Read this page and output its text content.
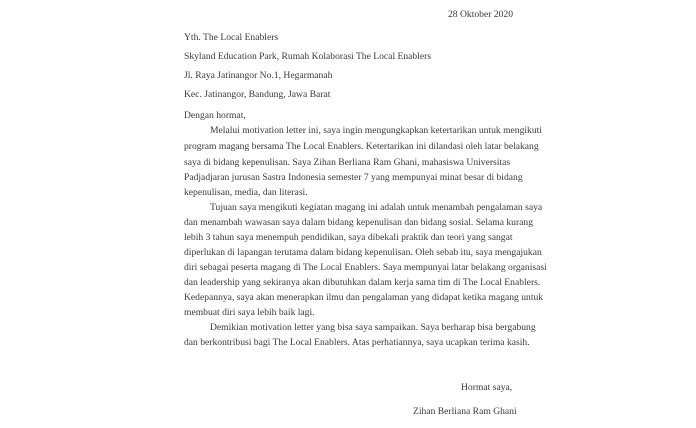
28 Oktober 2020
Yth. The Local Enablers
Skyland Education Park, Rumah Kolaborasi The Local Enablers
Jl. Raya Jatinangor No.1, Hegarmanah
Kec. Jatinangor, Bandung, Jawa Barat
Dengan hormat,
Melalui motivation letter ini, saya ingin mengungkapkan ketertarikan untuk mengikuti
program magang bersama The Local Enablers. Ketertarikan ini dilandasi oleh latar belakang
saya di bidang kepenulisan. Saya Zihan Berliana Ram Ghani, mahasiswa Universitas
Padjadjaran jurusan Sastra Indonesia semester 7 yang mempunyai minat besar di bidang
kepenulisan, media, dan literasi.
Tujuan saya mengikuti kegiatan magang ini adalah untuk menambah pengalaman saya
dan menambah wawasan saya dalam bidang kepenulisan dan bidang sosial. Selama kurang
lebih 3 tahun saya menempuh pendidikan, saya dibekali praktik dan teori yang sangat
diperlukan di lapangan terutama dalam bidang kepenulisan. Oleh sebab itu, saya mengajukan
diri sebagai peserta magang di The Local Enablers. Saya mempunyai latar belakang organisasi
dan leadership yang sekiranya akan dibutuhkan dalam kerja sama tim di The Local Enablers.
Kedepannya, saya akan menerapkan ilmu dan pengalaman yang didapat ketika magang untuk
membuat diri saya lebih baik lagi.
Demikian motivation letter yang bisa saya sampaikan. Saya berharap bisa bergabung
dan berkontribusi bagi The Local Enablers. Atas perhatiannya, saya ucapkan terima kasih.
Hormat saya,
Zihan Berliana Ram Ghani
